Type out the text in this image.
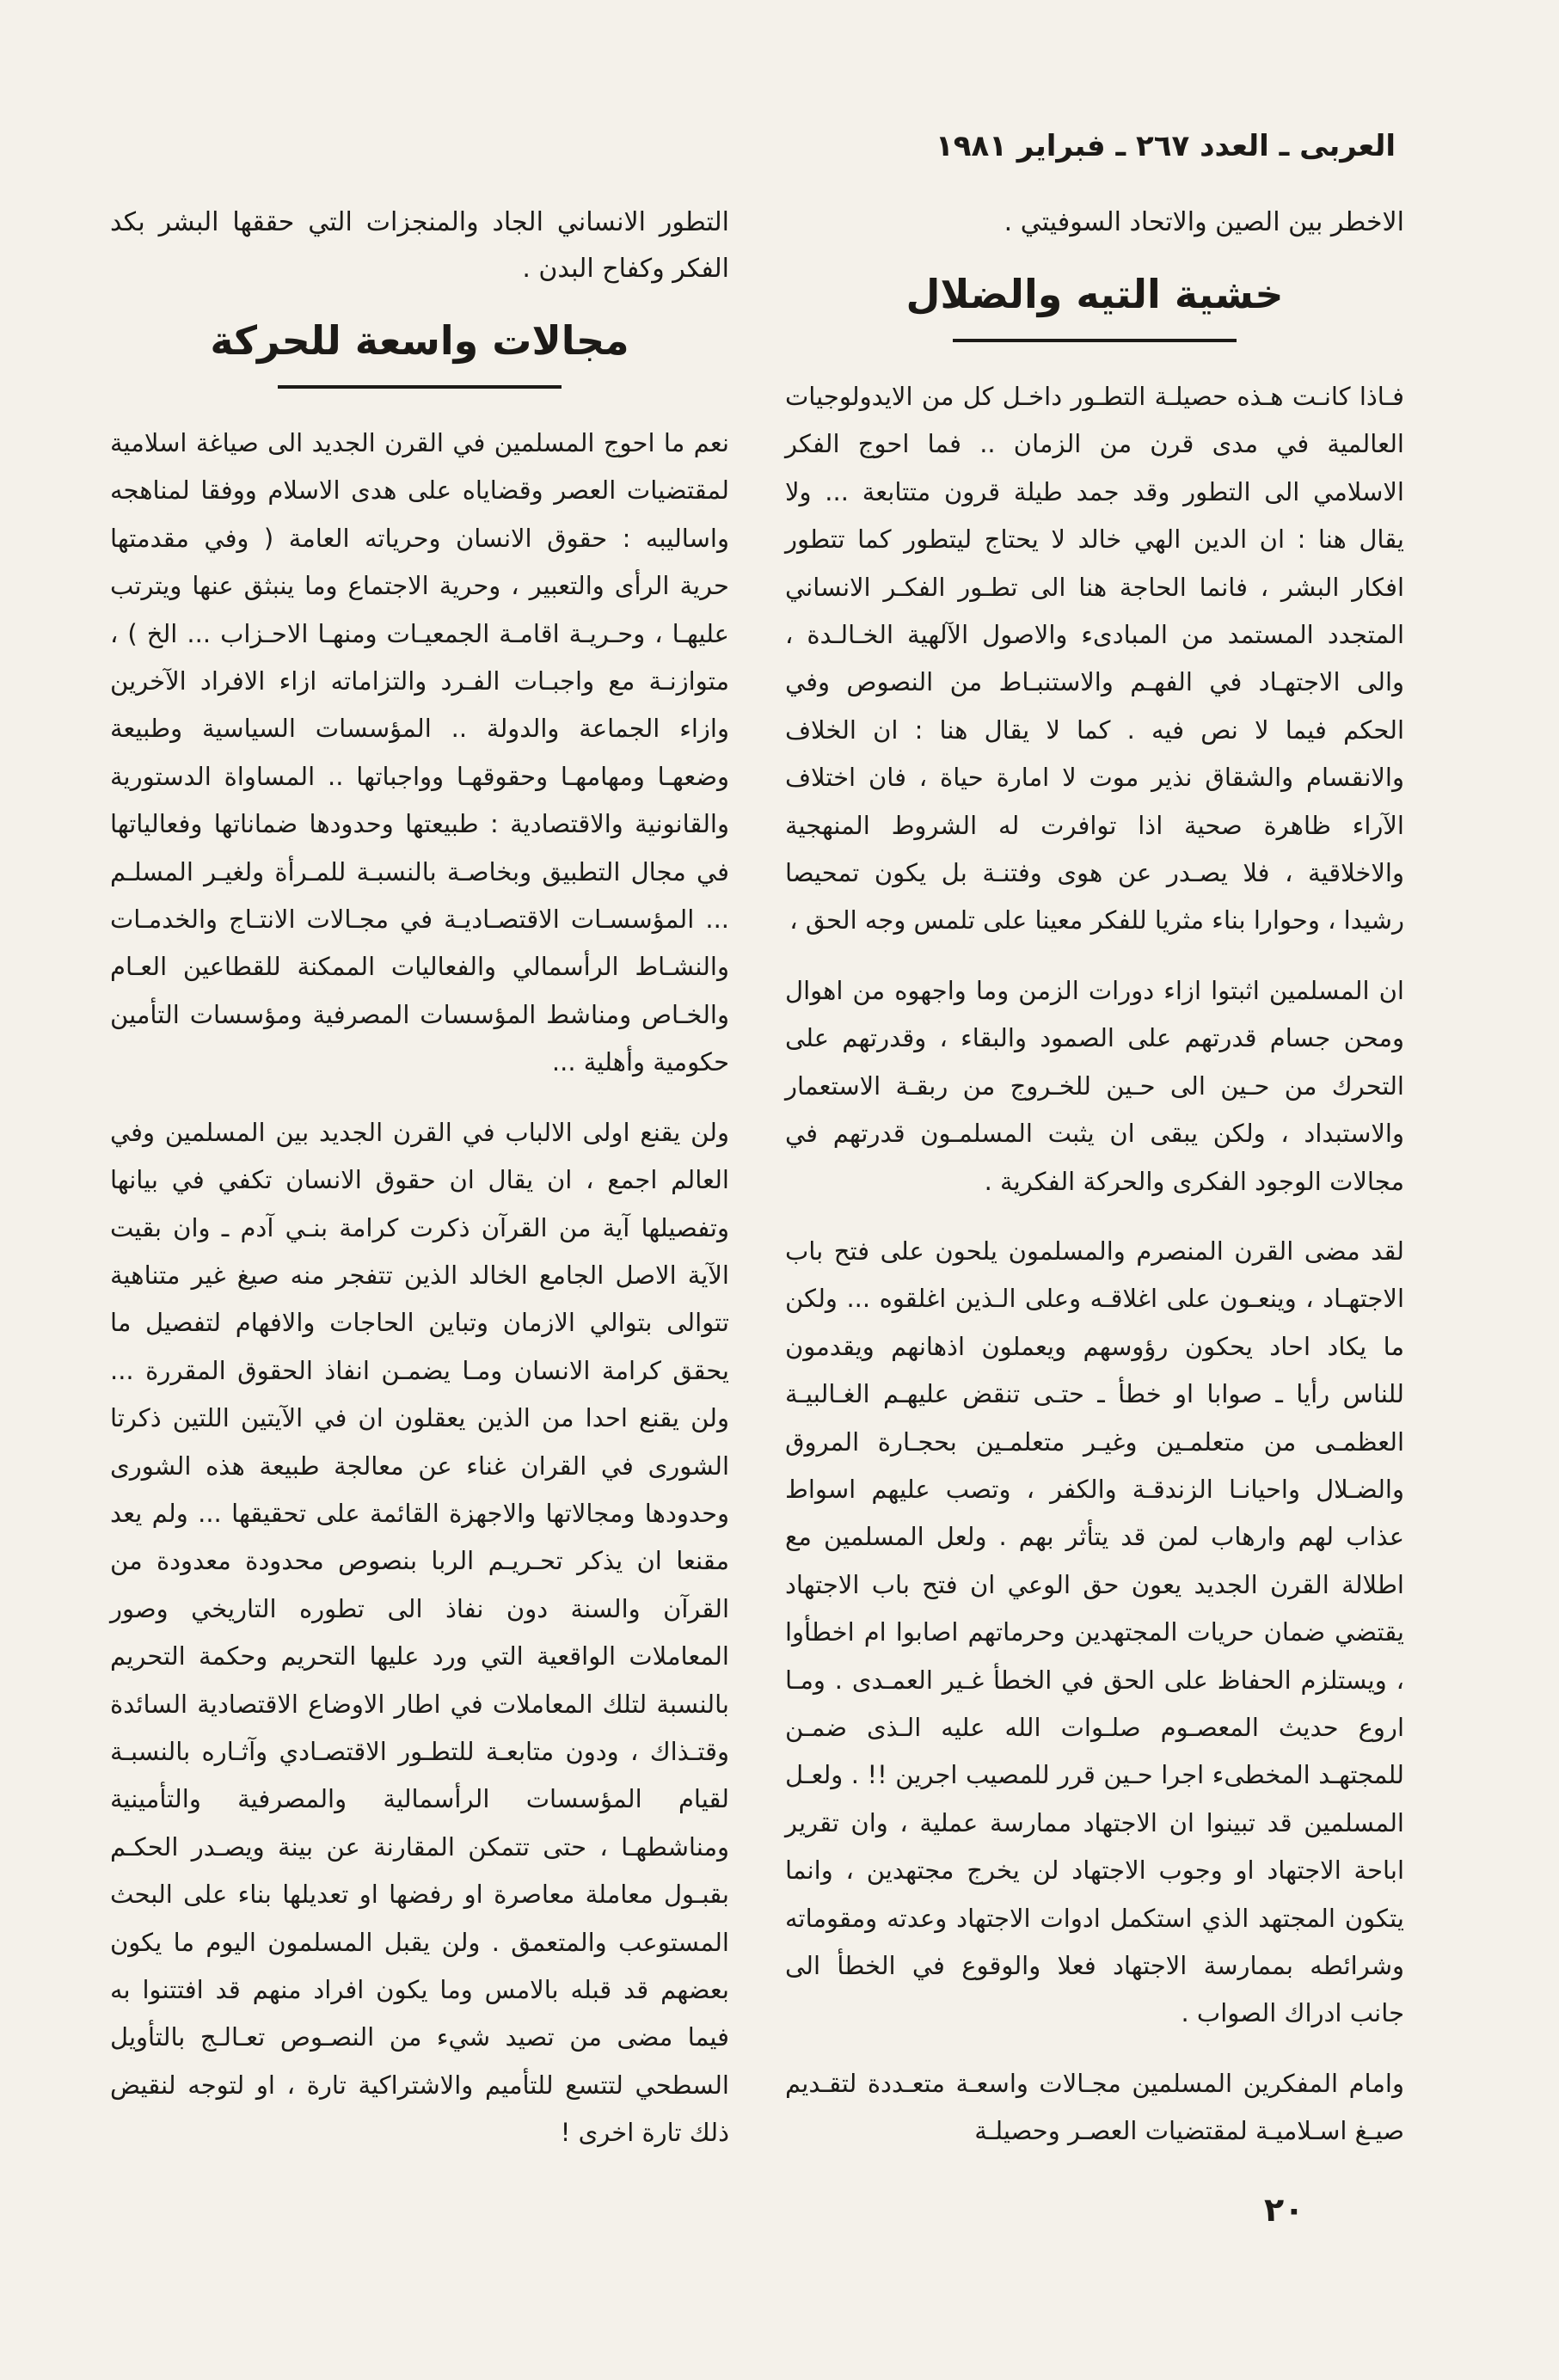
العربى ـ العدد ٢٦٧ ـ فبراير ١٩٨١

الاخطر بين الصين والاتحاد السوفيتي .

خشية التيه والضلال

فـاذا كانـت هـذه حصيلـة التطـور داخـل كل من الايدولوجيات العالمية في مدى قرن من الزمان .. فما احوج الفكر الاسلامي الى التطور وقد جمد طيلة قرون متتابعة ... ولا يقال هنا : ان الدين الهي خالد لا يحتاج ليتطور كما تتطور افكار البشر ، فانما الحاجة هنا الى تطـور الفكـر الانساني المتجدد المستمد من المبادىء والاصول الآلهية الخـالـدة ، والى الاجتهـاد في الفهـم والاستنبـاط من النصوص وفي الحكم فيما لا نص فيه . كما لا يقال هنا : ان الخلاف والانقسام والشقاق نذير موت لا امارة حياة ، فان اختلاف الآراء ظاهرة صحية اذا توافرت له الشروط المنهجية والاخلاقية ، فلا يصـدر عن هوى وفتنـة بل يكون تمحيصا رشيدا ، وحوارا بناء مثريا للفكر معينا على تلمس وجه الحق ،

ان المسلمين اثبتوا ازاء دورات الزمن وما واجهوه من اهوال ومحن جسام قدرتهم على الصمود والبقاء ، وقدرتهم على التحرك من حـين الى حـين للخـروج من ربقـة الاستعمار والاستبداد ، ولكن يبقى ان يثبت المسلمـون قدرتهم في مجالات الوجود الفكرى والحركة الفكرية .

لقد مضى القرن المنصرم والمسلمون يلحون على فتح باب الاجتهـاد ، وينعـون على اغلاقـه وعلى الـذين اغلقوه ... ولكن ما يكاد احاد يحكون رؤوسهم ويعملون اذهانهم ويقدمون للناس رأيا ـ صوابا او خطأ ـ حتـى تنقض عليهـم الغـالبيـة العظمـى من متعلمـين وغيـر متعلمـين بحجـارة المروق والضـلال واحيانـا الزندقـة والكفر ، وتصب عليهم اسواط عذاب لهم وارهاب لمن قد يتأثر بهم . ولعل المسلمين مع اطلالة القرن الجديد يعون حق الوعي ان فتح باب الاجتهاد يقتضي ضمان حريات المجتهدين وحرماتهم اصابوا ام اخطأوا ، ويستلزم الحفاظ على الحق في الخطأ غـير العمـدى . ومـا اروع حديث المعصـوم صلـوات الله عليه الـذى ضمـن للمجتهـد المخطىء اجرا حـين قرر للمصيب اجرين !! . ولعـل المسلمين قد تبينوا ان الاجتهاد ممارسة عملية ، وان تقرير اباحة الاجتهاد او وجوب الاجتهاد لن يخرج مجتهدين ، وانما يتكون المجتهد الذي استكمل ادوات الاجتهاد وعدته ومقوماته وشرائطه بممارسة الاجتهاد فعلا والوقوع في الخطأ الى جانب ادراك الصواب .

وامام المفكرين المسلمين مجـالات واسعـة متعـددة لتقـديم صيـغ اسـلاميـة لمقتضيات العصـر وحصيلـة

التطور الانساني الجاد والمنجزات التي حققها البشر بكد الفكر وكفاح البدن .

مجالات واسعة للحركة

نعم ما احوج المسلمين في القرن الجديد الى صياغة اسلامية لمقتضيات العصر وقضاياه على هدى الاسلام ووفقا لمناهجه واساليبه : حقوق الانسان وحرياته العامة ( وفي مقدمتها حرية الرأى والتعبير ، وحرية الاجتماع وما ينبثق عنها ويترتب عليهـا ، وحـريـة اقامـة الجمعيـات ومنهـا الاحـزاب ... الخ ) ، متوازنـة مع واجبـات الفـرد والتزاماته ازاء الافراد الآخرين وازاء الجماعة والدولة .. المؤسسات السياسية وطبيعة وضعهـا ومهامهـا وحقوقهـا وواجباتها .. المساواة الدستورية والقانونية والاقتصادية : طبيعتها وحدودها ضماناتها وفعالياتها في مجال التطبيق وبخاصـة بالنسبـة للمـرأة ولغيـر المسلـم ... المؤسسـات الاقتصـاديـة في مجـالات الانتـاج والخدمـات والنشـاط الرأسمالي والفعاليات الممكنة للقطاعين العـام والخـاص ومناشط المؤسسات المصرفية ومؤسسات التأمين حكومية وأهلية ...

ولن يقنع اولى الالباب في القرن الجديد بين المسلمين وفي العالم اجمع ، ان يقال ان حقوق الانسان تكفي في بيانها وتفصيلها آية من القرآن ذكرت كرامة بنـي آدم ـ وان بقيت الآية الاصل الجامع الخالد الذين تتفجر منه صيغ غير متناهية تتوالى بتوالي الازمان وتباين الحاجات والافهام لتفصيل ما يحقق كرامة الانسان ومـا يضمـن انفاذ الحقوق المقررة ... ولن يقنع احدا من الذين يعقلون ان في الآيتين اللتين ذكرتا الشورى في القران غناء عن معالجة طبيعة هذه الشورى وحدودها ومجالاتها والاجهزة القائمة على تحقيقها ... ولم يعد مقنعا ان يذكر تحـريـم الربا بنصوص محدودة معدودة من القرآن والسنة دون نفاذ الى تطوره التاريخي وصور المعاملات الواقعية التي ورد عليها التحريم وحكمة التحريم بالنسبة لتلك المعاملات في اطار الاوضاع الاقتصادية السائدة وقتـذاك ، ودون متابعـة للتطـور الاقتصـادي وآثـاره بالنسبـة لقيام المؤسسات الرأسمالية والمصرفية والتأمينية ومناشطهـا ، حتى تتمكن المقارنة عن بينة ويصـدر الحكـم بقبـول معاملة معاصرة او رفضها او تعديلها بناء على البحث المستوعب والمتعمق . ولن يقبل المسلمون اليوم ما يكون بعضهم قد قبله بالامس وما يكون افراد منهم قد افتتنوا به فيما مضى من تصيد شيء من النصـوص تعـالـج بالتأويل السطحي لتتسع للتأميم والاشتراكية تارة ، او لتوجه لنقيض ذلك تارة اخرى !

٢٠
